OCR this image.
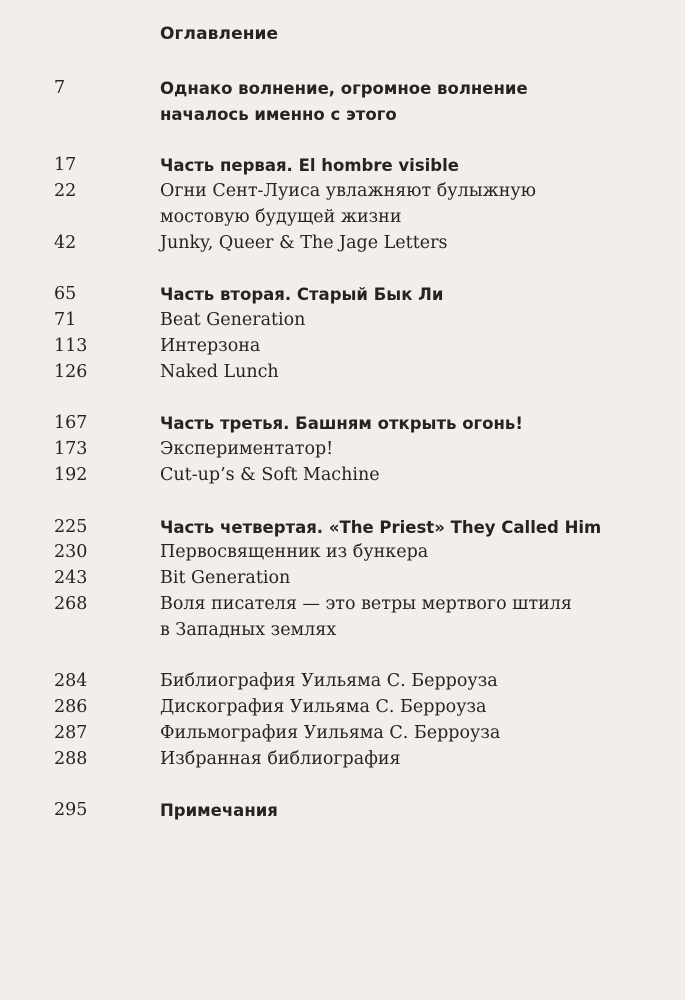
Оглавление
7	Однако волнение, огромное волнение
началось именно с этого
17	Часть первая. El hombre visible
22	Огни Сент-Луиса увлажняют булыжную
мостовую будущей жизни
42	Junky, Queer & The Jage Letters
65	Часть вторая. Старый Бык Ли
71	Beat Generation
113	Интерзона
126	Naked Lunch
167	Часть третья. Башням открыть огонь!
173	Экспериментатор!
192	Cut-up’s & Soft Machine
225	Часть четвертая. «The Priest» They Called Him
230	Первосвященник из бункера
243	Bit Generation
268	Воля писателя — это ветры мертвого штиля
в Западных землях
284	Библиография Уильяма С. Берроуза
286	Дискография Уильяма С. Берроуза
287	Фильмография Уильяма С. Берроуза
288	Избранная библиография
295	Примечания
